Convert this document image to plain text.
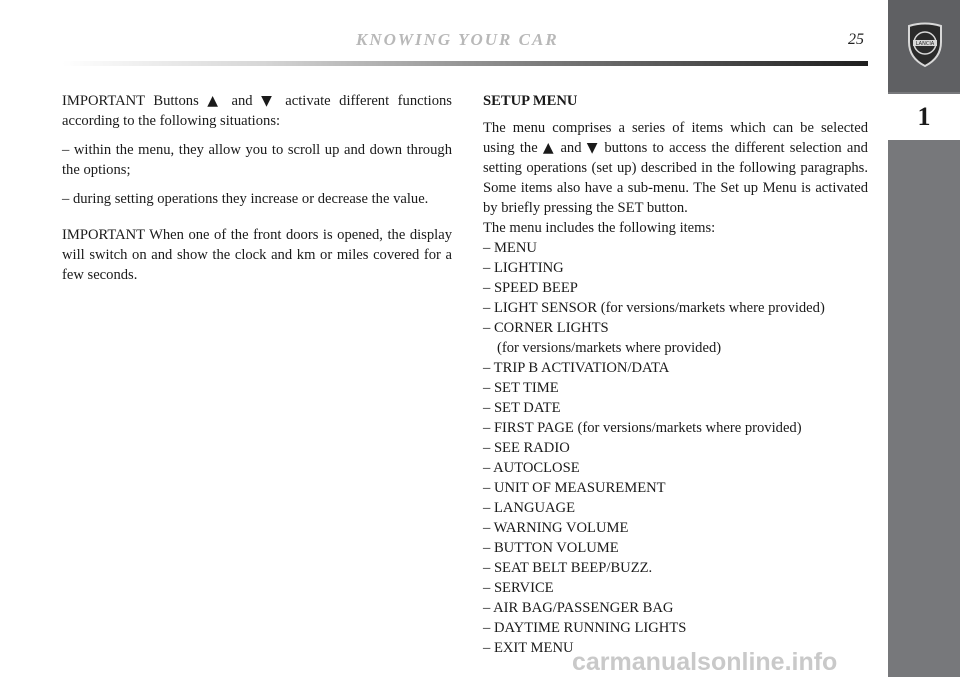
LANCIA
1
KNOWING YOUR CAR	25

IMPORTANT Buttons ▲ and ▼ activate different functions according to the following situations:

– within the menu, they allow you to scroll up and down through the options;

– during setting operations they increase or decrease the value.

IMPORTANT When one of the front doors is opened, the display will switch on and show the clock and km or miles covered for a few seconds.

SETUP MENU

The menu comprises a series of items which can be selected using the ▲ and ▼ buttons to access the different selection and setting operations (set up) described in the following paragraphs. Some items also have a sub-menu. The Set up Menu is activated by briefly pressing the SET button.

The menu includes the following items:
– MENU
– LIGHTING
– SPEED BEEP
– LIGHT SENSOR (for versions/markets where provided)
– CORNER LIGHTS
(for versions/markets where provided)
– TRIP B ACTIVATION/DATA
– SET TIME
– SET DATE
– FIRST PAGE (for versions/markets where provided)
– SEE RADIO
– AUTOCLOSE
– UNIT OF MEASUREMENT
– LANGUAGE
– WARNING VOLUME
– BUTTON VOLUME
– SEAT BELT BEEP/BUZZ.
– SERVICE
– AIR BAG/PASSENGER BAG
– DAYTIME RUNNING LIGHTS
– EXIT MENU
carmanualsonline.info
